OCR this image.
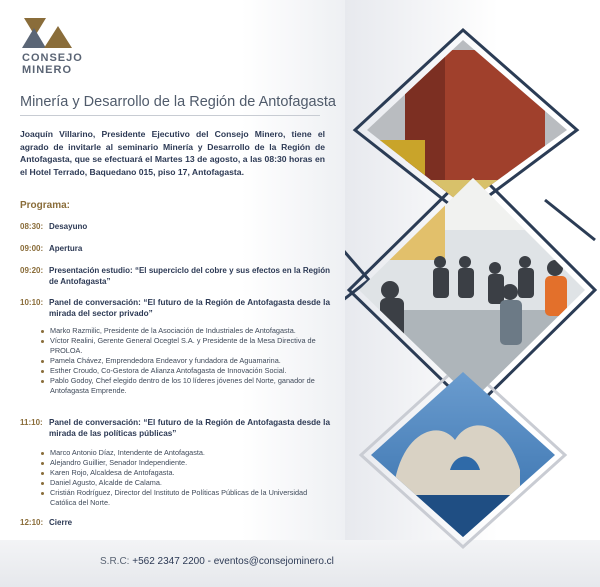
CONSEJO
MINERO
Minería y Desarrollo de la Región de Antofagasta
Joaquín Villarino, Presidente Ejecutivo del Consejo Minero, tiene el agrado de invitarle al seminario Minería y Desarrollo de la Región de Antofagasta, que se efectuará el Martes 13 de agosto, a las 08:30 horas en el Hotel Terrado, Baquedano 015, piso 17, Antofagasta.
Programa:
08:30: Desayuno
09:00: Apertura
09:20: Presentación estudio: “El superciclo del cobre y sus efectos en la Región de Antofagasta”
10:10: Panel de conversación: “El futuro de la Región de Antofagasta desde la mirada del sector privado”
Marko Razmilic, Presidente de la Asociación de Industriales de Antofagasta.
Víctor Realini, Gerente General Ocegtel S.A. y Presidente de la Mesa Directiva de PROLOA.
Pamela Chávez, Emprendedora Endeavor y fundadora de Aguamarina.
Esther Croudo, Co-Gestora de Alianza Antofagasta de Innovación Social.
Pablo Godoy, Chef elegido dentro de los 10 líderes jóvenes del Norte, ganador de Antofagasta Emprende.
11:10: Panel de conversación: “El futuro de la Región de Antofagasta desde la mirada de las políticas públicas”
Marco Antonio Díaz, Intendente de Antofagasta.
Alejandro Guillier, Senador Independiente.
Karen Rojo, Alcaldesa de Antofagasta.
Daniel Agusto, Alcalde de Calama.
Cristián Rodríguez, Director del Instituto de Políticas Públicas de la Universidad Católica del Norte.
12:10: Cierre
S.R.C: +562 2347 2200 - eventos@consejominero.cl
